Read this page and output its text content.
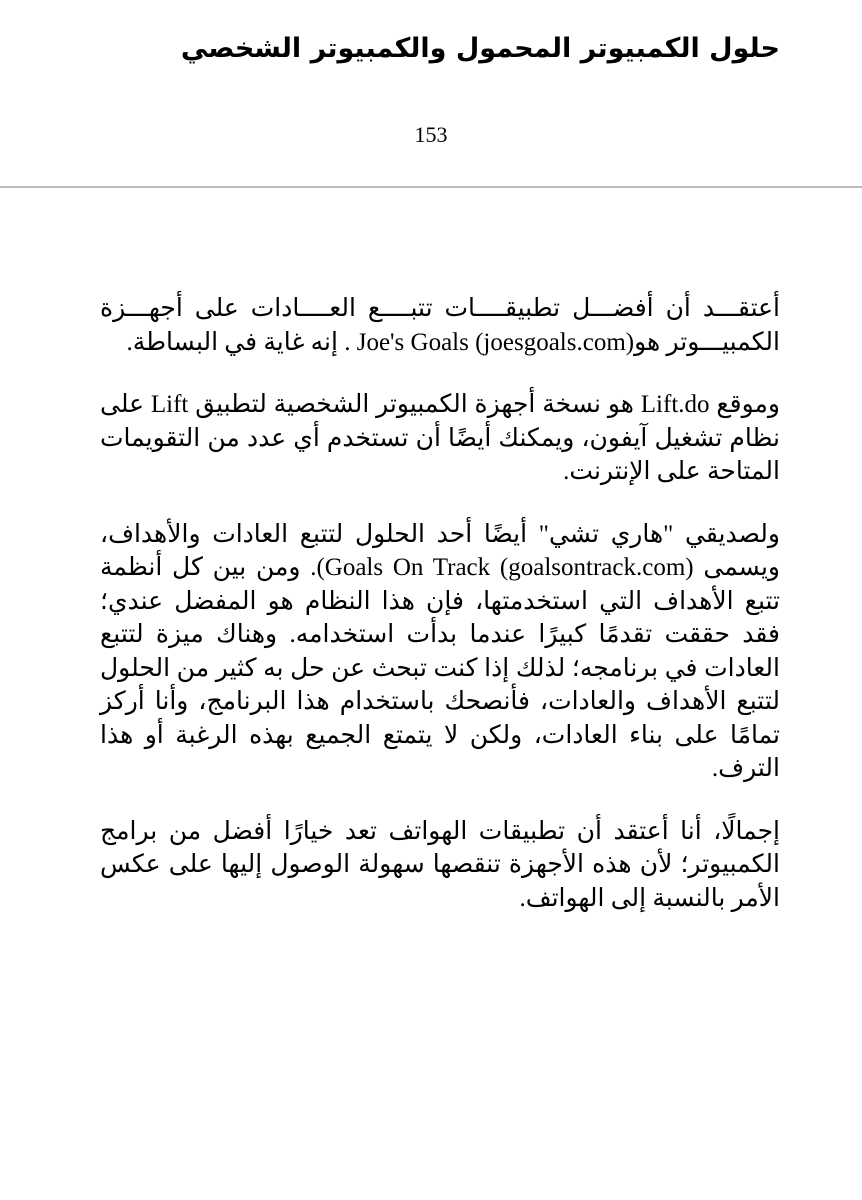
حلول الكمبيوتر المحمول والكمبيوتر الشخصي
153

أعتقـــد أن أفضـــل تطبيقــــات تتبــــع العــــادات على أجهـــزة الكمبيـــوتر هوJoe's Goals (joesgoals.com) . إنه غاية في البساطة.

وموقع Lift.do هو نسخة أجهزة الكمبيوتر الشخصية لتطبيق Lift على نظام تشغيل آيفون، ويمكنك أيضًا أن تستخدم أي عدد من التقويمات المتاحة على الإنترنت.

ولصديقي "هاري تشي" أيضًا أحد الحلول لتتبع العادات والأهداف، ويسمى Goals On Track (goalsontrack.com)). ومن بين كل أنظمة تتبع الأهداف التي استخدمتها، فإن هذا النظام هو المفضل عندي؛ فقد حققت تقدمًا كبيرًا عندما بدأت استخدامه. وهناك ميزة لتتبع العادات في برنامجه؛ لذلك إذا كنت تبحث عن حل به كثير من الحلول لتتبع الأهداف والعادات، فأنصحك باستخدام هذا البرنامج، وأنا أركز تمامًا على بناء العادات، ولكن لا يتمتع الجميع بهذه الرغبة أو هذا الترف.

إجمالًا، أنا أعتقد أن تطبيقات الهواتف تعد خيارًا أفضل من برامج الكمبيوتر؛ لأن هذه الأجهزة تنقصها سهولة الوصول إليها على عكس الأمر بالنسبة إلى الهواتف.
